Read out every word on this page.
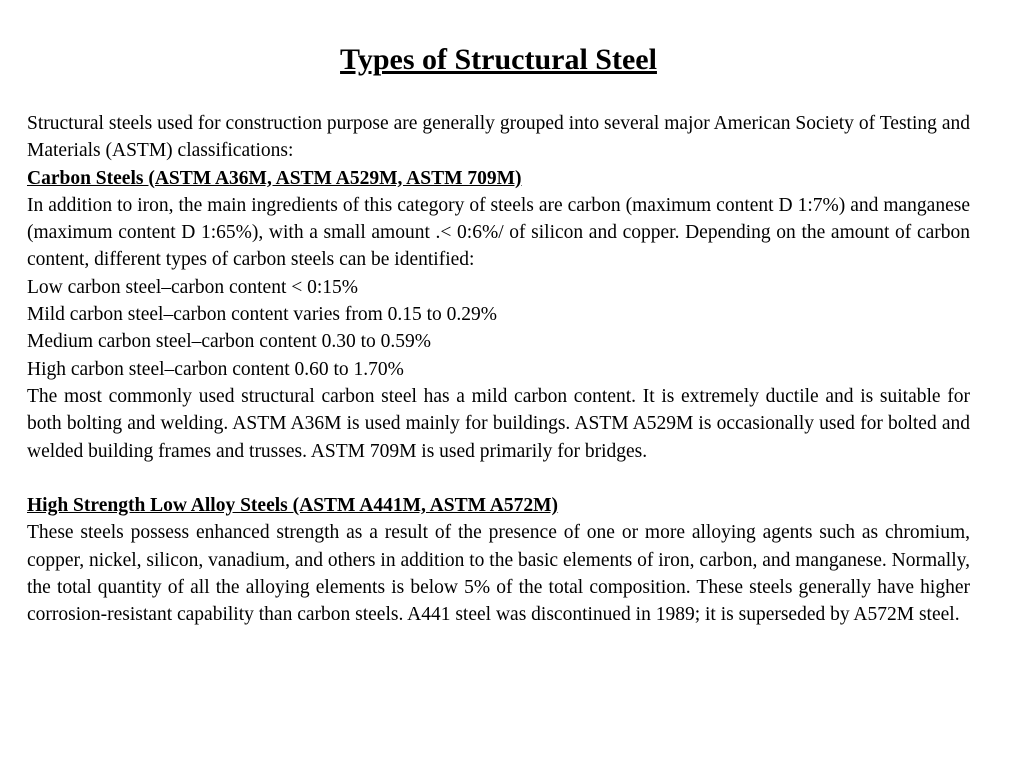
Types of Structural Steel

Structural steels used for construction purpose are generally grouped into several major American Society of Testing and Materials (ASTM) classifications:

Carbon Steels (ASTM A36M, ASTM A529M, ASTM 709M)

In addition to iron, the main ingredients of this category of steels are carbon (maximum content D 1:7%) and manganese (maximum content D 1:65%), with a small amount .< 0:6%/ of silicon and copper. Depending on the amount of carbon content, different types of carbon steels can be identified:

Low carbon steel–carbon content < 0:15%
Mild carbon steel–carbon content varies from 0.15 to 0.29%
Medium carbon steel–carbon content 0.30 to 0.59%
High carbon steel–carbon content 0.60 to 1.70%

The most commonly used structural carbon steel has a mild carbon content. It is extremely ductile and is suitable for both bolting and welding. ASTM A36M is used mainly for buildings. ASTM A529M is occasionally used for bolted and welded building frames and trusses. ASTM 709M is used primarily for bridges.

High Strength Low Alloy Steels (ASTM A441M, ASTM A572M)

These steels possess enhanced strength as a result of the presence of one or more alloying agents such as chromium, copper, nickel, silicon, vanadium, and others in addition to the basic elements of iron, carbon, and manganese. Normally, the total quantity of all the alloying elements is below 5% of the total composition. These steels generally have higher corrosion-resistant capability than carbon steels. A441 steel was discontinued in 1989; it is superseded by A572M steel.
